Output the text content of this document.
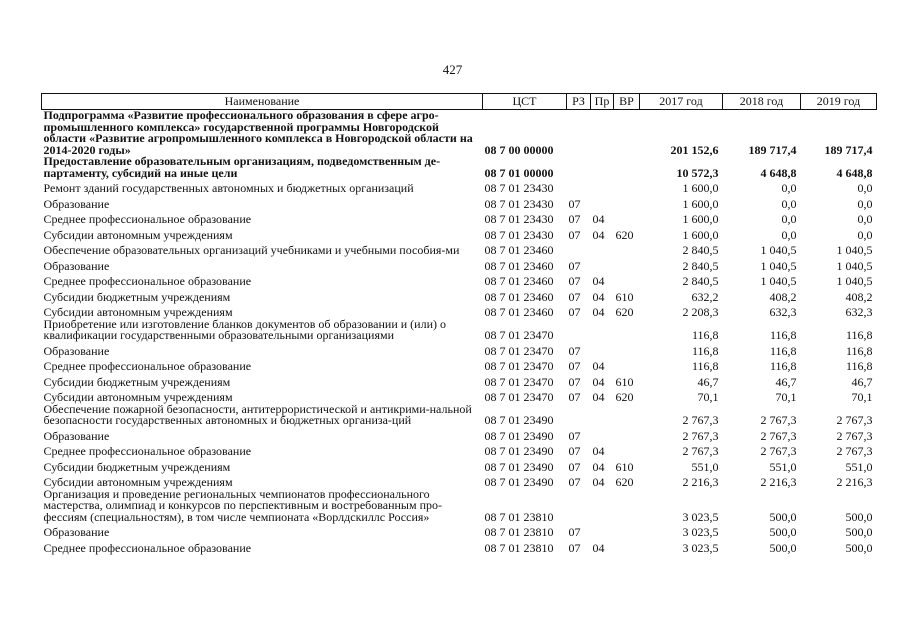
427
Наименование	ЦСТ	РЗ	Пр	ВР	2017 год	2018 год	2019 год
Подпрограмма «Развитие профессионального образования в сфере агро-промышленного комплекса» государственной программы Новгородской области «Развитие агропромышленного комплекса в Новгородской области на 2014-2020 годы»	08 7 00 00000				201 152,6	189 717,4	189 717,4
Предоставление образовательным организациям, подведомственным де-партаменту, субсидий на иные цели	08 7 01 00000				10 572,3	4 648,8	4 648,8
Ремонт зданий государственных автономных и бюджетных организаций	08 7 01 23430				1 600,0	0,0	0,0
Образование	08 7 01 23430	07			1 600,0	0,0	0,0
Среднее профессиональное образование	08 7 01 23430	07	04		1 600,0	0,0	0,0
Субсидии автономным учреждениям	08 7 01 23430	07	04	620	1 600,0	0,0	0,0
Обеспечение образовательных организаций учебниками и учебными пособия-ми	08 7 01 23460				2 840,5	1 040,5	1 040,5
Образование	08 7 01 23460	07			2 840,5	1 040,5	1 040,5
Среднее профессиональное образование	08 7 01 23460	07	04		2 840,5	1 040,5	1 040,5
Субсидии бюджетным учреждениям	08 7 01 23460	07	04	610	632,2	408,2	408,2
Субсидии автономным учреждениям	08 7 01 23460	07	04	620	2 208,3	632,3	632,3
Приобретение или изготовление бланков документов об образовании и (или) о квалификации государственными образовательными организациями	08 7 01 23470				116,8	116,8	116,8
Образование	08 7 01 23470	07			116,8	116,8	116,8
Среднее профессиональное образование	08 7 01 23470	07	04		116,8	116,8	116,8
Субсидии бюджетным учреждениям	08 7 01 23470	07	04	610	46,7	46,7	46,7
Субсидии автономным учреждениям	08 7 01 23470	07	04	620	70,1	70,1	70,1
Обеспечение пожарной безопасности, антитеррористической и антикрими-нальной безопасности государственных автономных и бюджетных организа-ций	08 7 01 23490				2 767,3	2 767,3	2 767,3
Образование	08 7 01 23490	07			2 767,3	2 767,3	2 767,3
Среднее профессиональное образование	08 7 01 23490	07	04		2 767,3	2 767,3	2 767,3
Субсидии бюджетным учреждениям	08 7 01 23490	07	04	610	551,0	551,0	551,0
Субсидии автономным учреждениям	08 7 01 23490	07	04	620	2 216,3	2 216,3	2 216,3
Организация и проведение региональных чемпионатов профессионального мастерства, олимпиад и конкурсов по перспективным и востребованным про-фессиям (специальностям), в том числе чемпионата «Ворлдскиллс Россия»	08 7 01 23810				3 023,5	500,0	500,0
Образование	08 7 01 23810	07			3 023,5	500,0	500,0
Среднее профессиональное образование	08 7 01 23810	07	04		3 023,5	500,0	500,0
